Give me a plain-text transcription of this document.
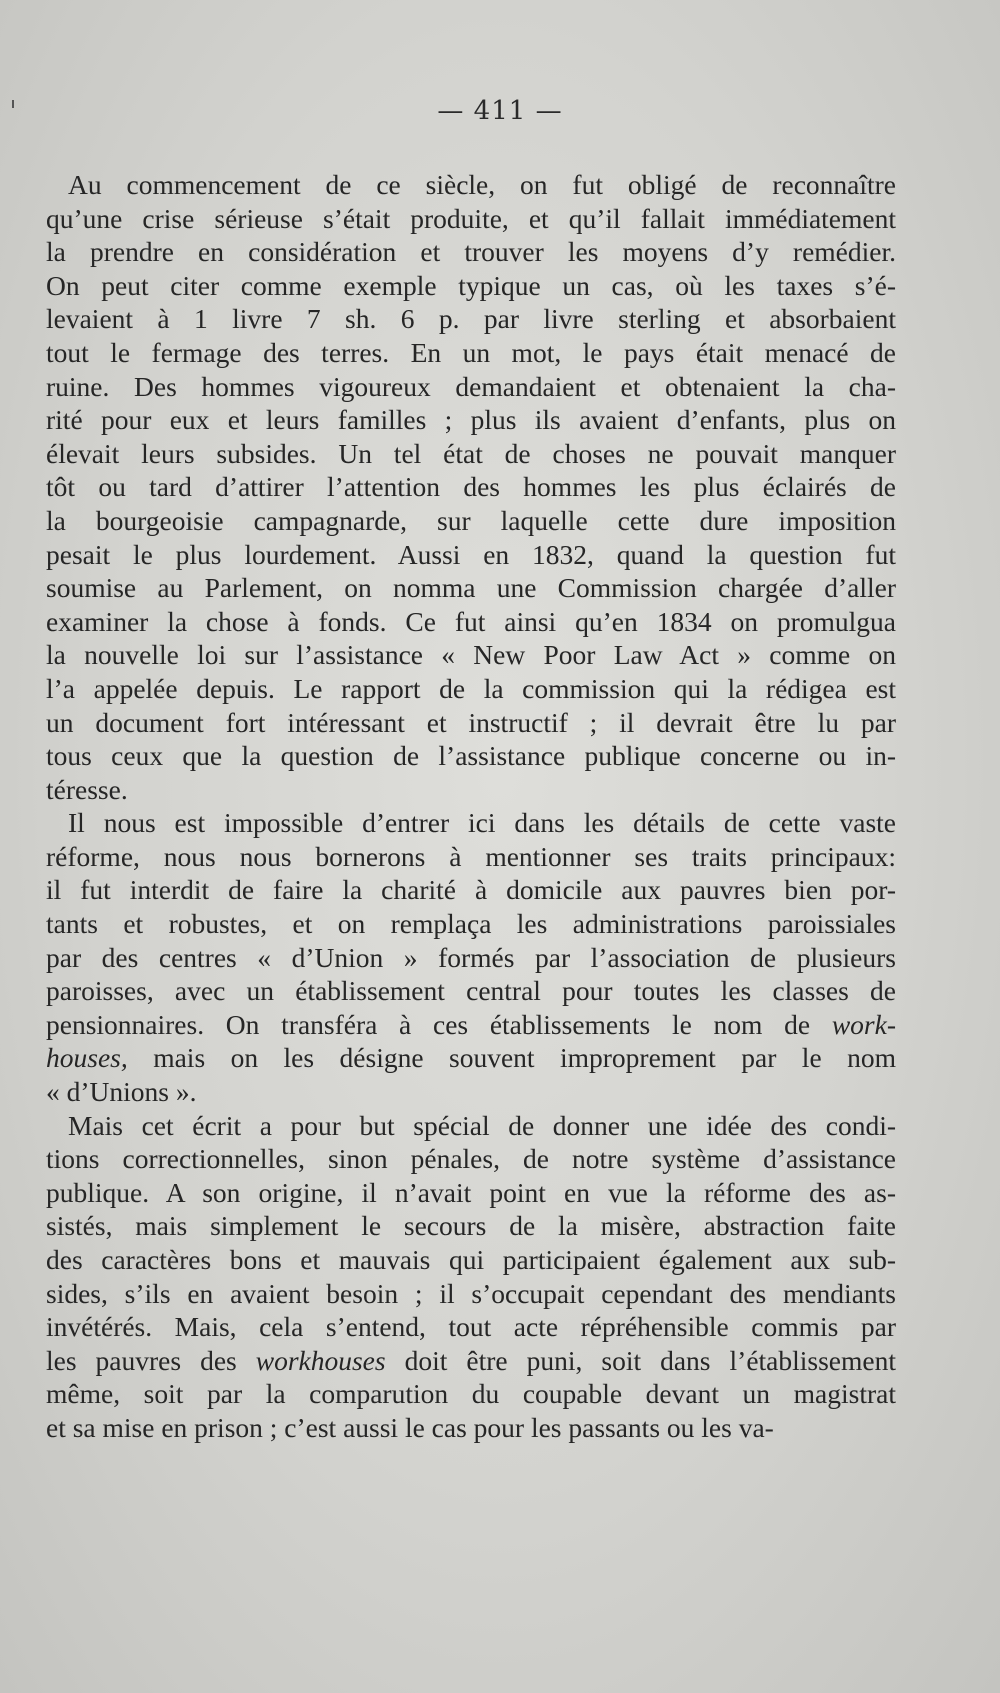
— 411 —
Au commencement de ce siècle, on fut obligé de reconnaître
qu’une crise sérieuse s’était produite, et qu’il fallait immédiatement
la prendre en considération et trouver les moyens d’y remédier.
On peut citer comme exemple typique un cas, où les taxes s’é-
levaient à 1 livre 7 sh. 6 p. par livre sterling et absorbaient
tout le fermage des terres. En un mot, le pays était menacé de
ruine. Des hommes vigoureux demandaient et obtenaient la cha-
rité pour eux et leurs familles ; plus ils avaient d’enfants, plus on
élevait leurs subsides. Un tel état de choses ne pouvait manquer
tôt ou tard d’attirer l’attention des hommes les plus éclairés de
la bourgeoisie campagnarde, sur laquelle cette dure imposition
pesait le plus lourdement. Aussi en 1832, quand la question fut
soumise au Parlement, on nomma une Commission chargée d’aller
examiner la chose à fonds. Ce fut ainsi qu’en 1834 on promulgua
la nouvelle loi sur l’assistance « New Poor Law Act » comme on
l’a appelée depuis. Le rapport de la commission qui la rédigea est
un document fort intéressant et instructif ; il devrait être lu par
tous ceux que la question de l’assistance publique concerne ou in-
téresse.
Il nous est impossible d’entrer ici dans les détails de cette vaste
réforme, nous nous bornerons à mentionner ses traits principaux:
il fut interdit de faire la charité à domicile aux pauvres bien por-
tants et robustes, et on remplaça les administrations paroissiales
par des centres « d’Union » formés par l’association de plusieurs
paroisses, avec un établissement central pour toutes les classes de
pensionnaires. On transféra à ces établissements le nom de work-
houses, mais on les désigne souvent improprement par le nom
« d’Unions ».
Mais cet écrit a pour but spécial de donner une idée des condi-
tions correctionnelles, sinon pénales, de notre système d’assistance
publique. A son origine, il n’avait point en vue la réforme des as-
sistés, mais simplement le secours de la misère, abstraction faite
des caractères bons et mauvais qui participaient également aux sub-
sides, s’ils en avaient besoin ; il s’occupait cependant des mendiants
invétérés. Mais, cela s’entend, tout acte répréhensible commis par
les pauvres des workhouses doit être puni, soit dans l’établissement
même, soit par la comparution du coupable devant un magistrat
et sa mise en prison ; c’est aussi le cas pour les passants ou les va-
